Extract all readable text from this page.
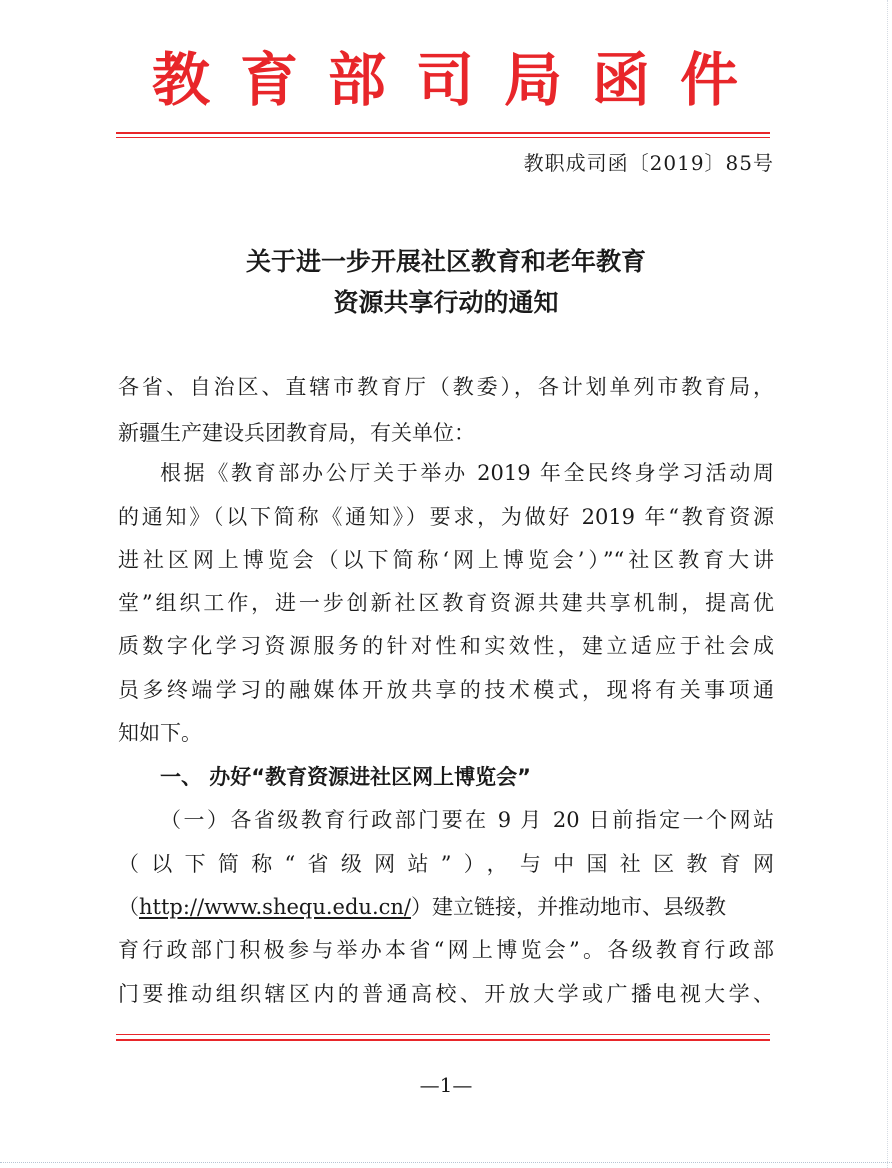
教育部司局函件
教职成司函〔2019〕85号
关于进一步开展社区教育和老年教育
资源共享行动的通知
各省、自治区、直辖市教育厅（教委），各计划单列市教育局，
新疆生产建设兵团教育局，有关单位：
根据《教育部办公厅关于举办 2019 年全民终身学习活动周
的通知》（以下简称《通知》）要求，为做好 2019 年“教育资源
进社区网上博览会（以下简称‘网上博览会’）”“社区教育大讲
堂”组织工作，进一步创新社区教育资源共建共享机制，提高优
质数字化学习资源服务的针对性和实效性，建立适应于社会成
员多终端学习的融媒体开放共享的技术模式，现将有关事项通
知如下。
一、 办好“教育资源进社区网上博览会”
（一）各省级教育行政部门要在 9 月 20 日前指定一个网站
（以下简称“省级网站”），与中国社区教育网
（http://www.shequ.edu.cn/）建立链接，并推动地市、县级教
育行政部门积极参与举办本省“网上博览会”。各级教育行政部
门要推动组织辖区内的普通高校、开放大学或广播电视大学、
—1—
